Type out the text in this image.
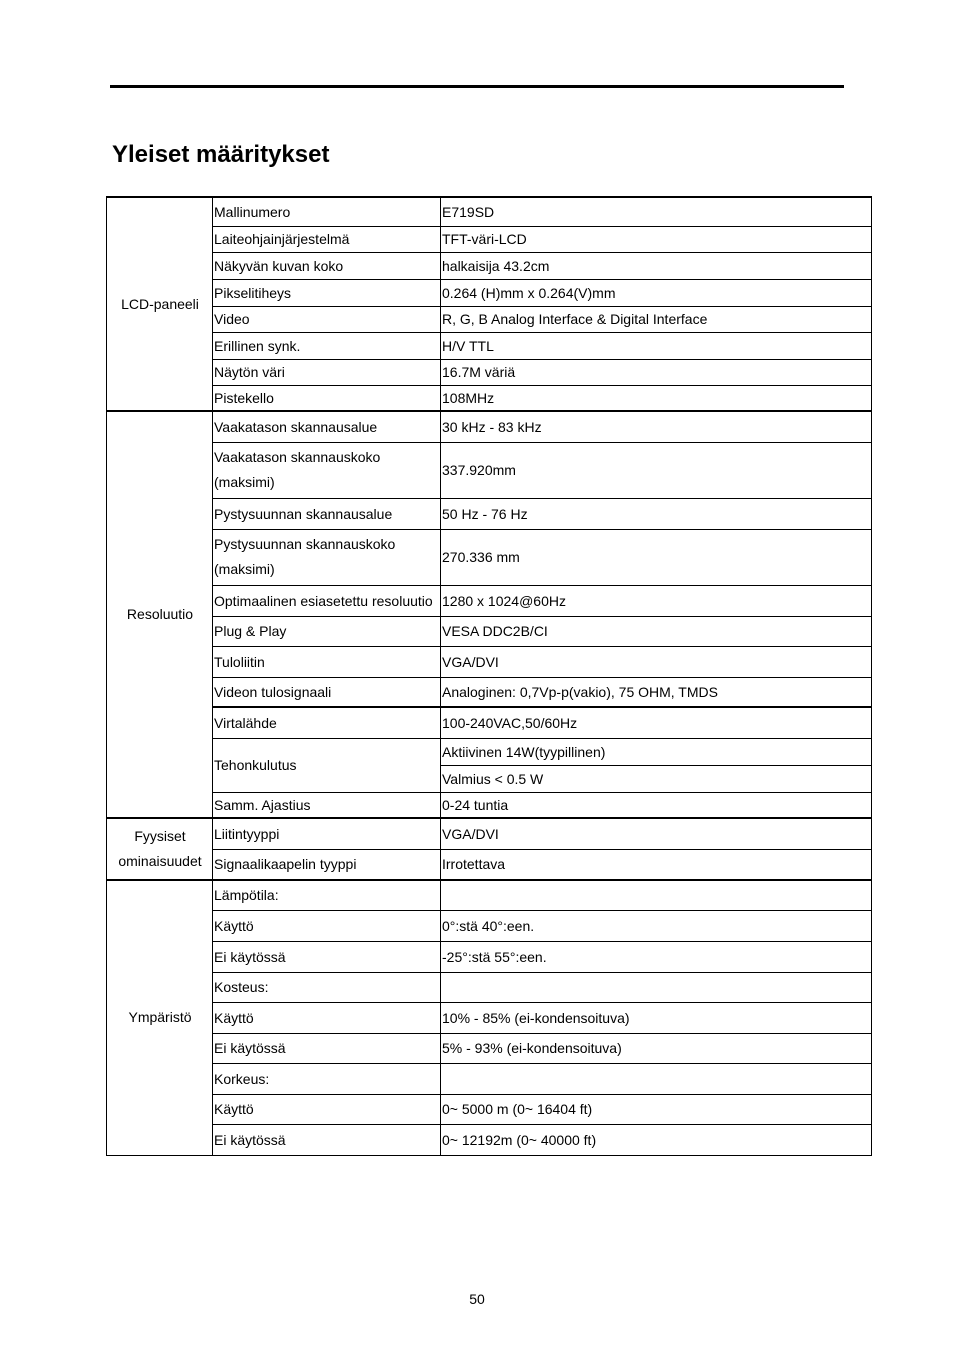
Yleiset määritykset
LCD-paneeli	Mallinumero	E719SD
	Laiteohjainjärjestelmä	TFT-väri-LCD
	Näkyvän kuvan koko	halkaisija 43.2cm
	Pikselitiheys	0.264 (H)mm x 0.264(V)mm
	Video	R, G, B Analog Interface & Digital Interface
	Erillinen synk.	H/V TTL
	Näytön väri	16.7M väriä
	Pistekello	108MHz
Resoluutio	Vaakatason skannausalue	30 kHz - 83 kHz
	Vaakatason skannauskoko (maksimi)	337.920mm
	Pystysuunnan skannausalue	50 Hz - 76 Hz
	Pystysuunnan skannauskoko (maksimi)	270.336 mm
	Optimaalinen esiasetettu resoluutio	1280 x 1024@60Hz
	Plug & Play	VESA DDC2B/CI
	Tuloliitin	VGA/DVI
	Videon tulosignaali	Analoginen: 0,7Vp-p(vakio), 75 OHM, TMDS
	Virtalähde	100-240VAC,50/60Hz
	Tehonkulutus	Aktiivinen 14W(tyypillinen)
		Valmius < 0.5 W
	Samm. Ajastius	0-24 tuntia
Fyysiset ominaisuudet	Liitintyyppi	VGA/DVI
	Signaalikaapelin tyyppi	Irrotettava
Ympäristö	Lämpötila:	
	Käyttö	0°:stä 40°:een.
	Ei käytössä	-25°:stä 55°:een.
	Kosteus:	
	Käyttö	10% - 85% (ei-kondensoituva)
	Ei käytössä	5% - 93% (ei-kondensoituva)
	Korkeus:	
	Käyttö	0~ 5000 m (0~ 16404 ft)
	Ei käytössä	0~ 12192m (0~ 40000 ft)
50
